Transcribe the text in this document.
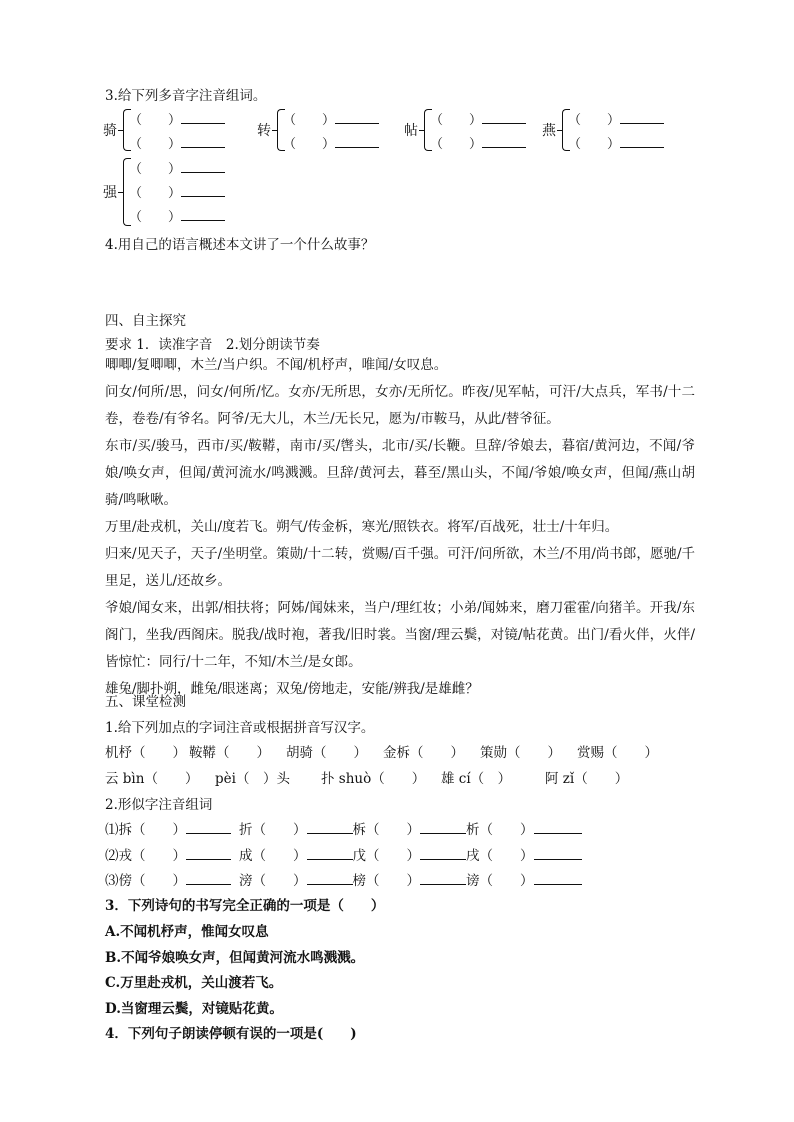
3.给下列多音字注音组词。
骑
（　　）
（　　）
转
（　　）
（　　）
帖
（　　）
（　　）
燕
（　　）
（　　）
强
（　　）
（　　）
（　　）
4.用自己的语言概述本文讲了一个什么故事？
四、自主探究
要求 1．读准字音　2.划分朗读节奏

唧唧/复唧唧，木兰/当户织。不闻/机杼声，唯闻/女叹息。

问女/何所/思，问女/何所/忆。女亦/无所思，女亦/无所忆。昨夜/见军帖，可汗/大点兵，军书/十二卷，卷卷/有爷名。阿爷/无大儿，木兰/无长兄，愿为/市鞍马，从此/替爷征。

东市/买/骏马，西市/买/鞍鞯，南市/买/辔头，北市/买/长鞭。旦辞/爷娘去，暮宿/黄河边，不闻/爷娘/唤女声，但闻/黄河流水/鸣溅溅。旦辞/黄河去，暮至/黑山头，不闻/爷娘/唤女声，但闻/燕山胡骑/鸣啾啾。

万里/赴戎机，关山/度若飞。朔气/传金柝，寒光/照铁衣。将军/百战死，壮士/十年归。

归来/见天子，天子/坐明堂。策勋/十二转，赏赐/百千强。可汗/问所欲，木兰/不用/尚书郎，愿驰/千里足，送儿/还故乡。

爷娘/闻女来，出郭/相扶将；阿姊/闻妹来，当户/理红妆；小弟/闻姊来，磨刀霍霍/向猪羊。开我/东阁门，坐我/西阁床。脱我/战时袍，著我/旧时裳。当窗/理云鬓，对镜/帖花黄。出门/看火伴，火伴/皆惊忙：同行/十二年，不知/木兰/是女郎。

雄兔/脚扑朔，雌兔/眼迷离；双兔/傍地走，安能/辨我/是雄雌？

五、课堂检测
1.给下列加点的字词注音或根据拼音写汉字。
机杼（　　） 鞍鞯（　　） 胡骑（　　） 金柝（　　） 策勋（　　） 赏赐（　　）
云 bìn（　　） pèi（　）头 扑 shuò（　　） 雄 cí（　）	阿 zǐ（　　）
2.形似字注音组词
⑴拆（　　）	折（　　）	柝（　　）	析（　　）
⑵戎（　　）	成（　　）	戊（　　）	戌（　　）
⑶傍（　　）	滂（　　）	榜（　　）	谤（　　）
3．下列诗句的书写完全正确的一项是（　　）
A.不闻机杼声，惟闻女叹息
B.不闻爷娘唤女声，但闻黄河流水鸣溅溅。
C.万里赴戎机，关山渡若飞。
D.当窗理云鬓，对镜贴花黄。
4．下列句子朗读停顿有误的一项是(　　)
